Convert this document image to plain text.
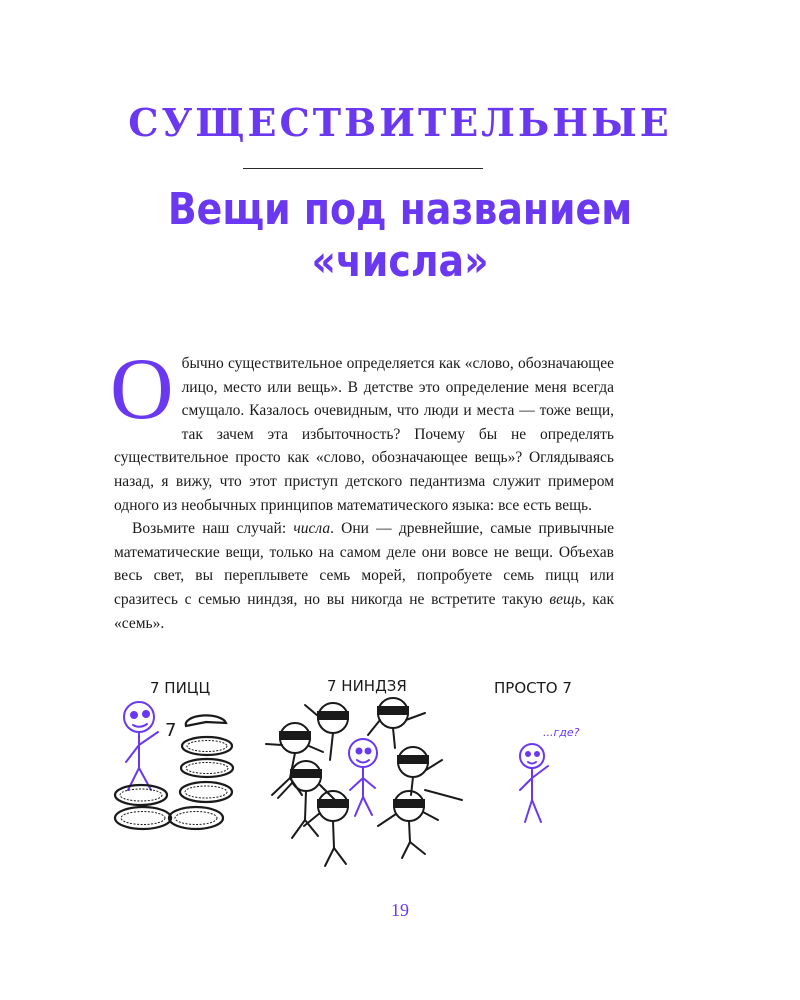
СУЩЕСТВИТЕЛЬНЫЕ
Вещи под названием
«числа»

Обычно существительное определяется как «слово, обозначающее лицо, место или вещь». В детстве это определение меня всегда смущало. Казалось очевидным, что люди и места — тоже вещи, так зачем эта избыточность? Почему бы не определять существительное просто как «слово, обозначающее вещь»? Оглядываясь назад, я вижу, что этот приступ детского педантизма служит примером одного из необычных принципов математического языка: все есть вещь.

Возьмите наш случай: числа. Они — древнейшие, самые привычные математические вещи, только на самом деле они вовсе не вещи. Объехав весь свет, вы переплывете семь морей, попробуете семь пицц или сразитесь с семью ниндзя, но вы никогда не встретите такую вещь, как «семь».

7 ПИЦЦ	7 НИНДЗЯ	ПРОСТО 7
7	...где?
19
